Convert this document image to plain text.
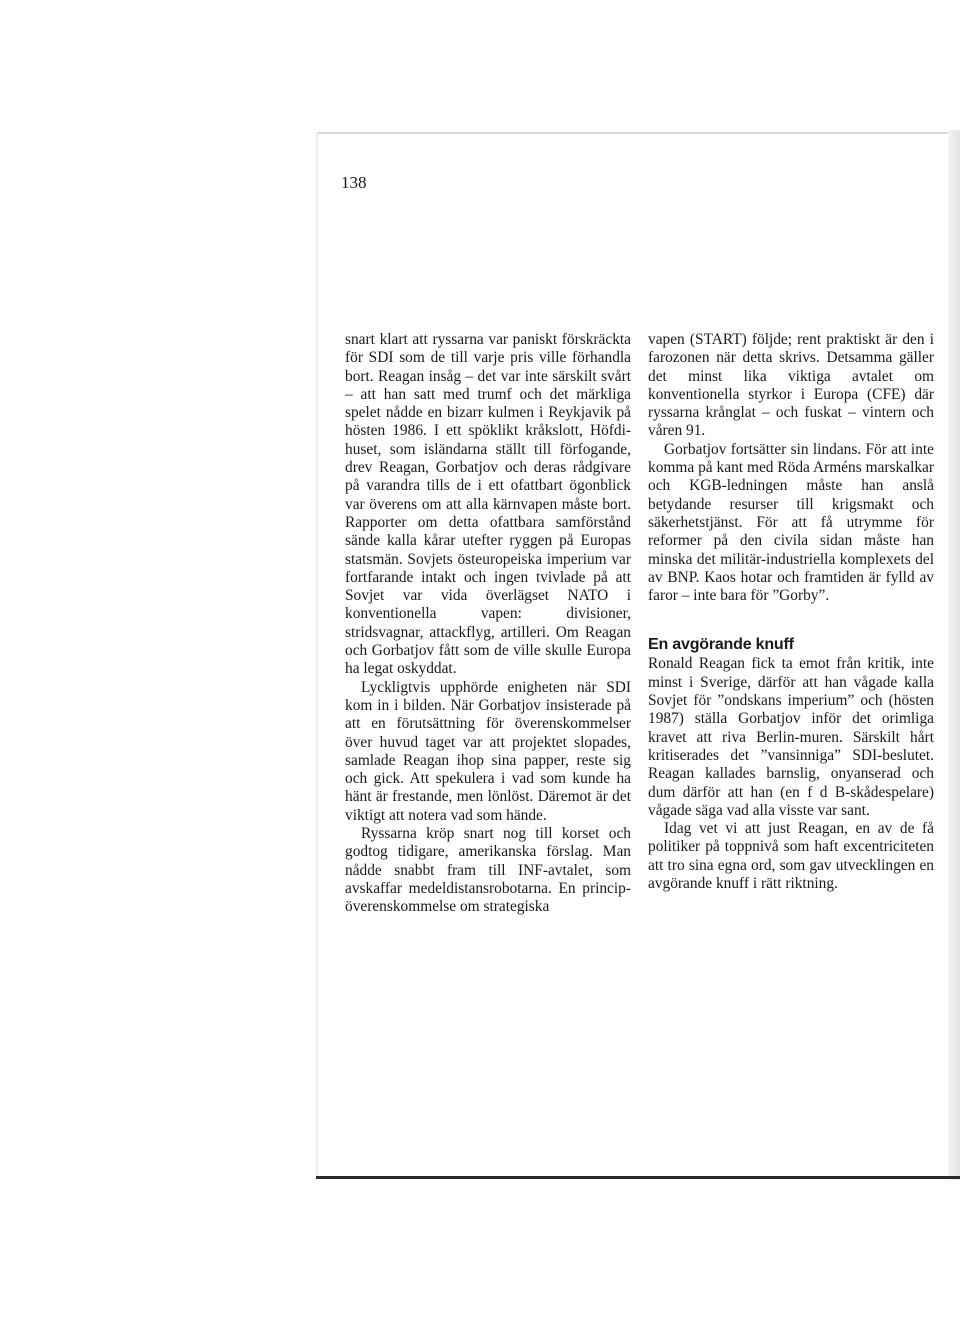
138

snart klart att ryssarna var paniskt förskräckta för SDI som de till varje pris ville förhandla bort. Reagan insåg – det var inte särskilt svårt – att han satt med trumf och det märkliga spelet nådde en bizarr kulmen i Reykjavik på hösten 1986. I ett spöklikt kråkslott, Höfdi-huset, som isländarna ställt till förfogande, drev Reagan, Gorbatjov och deras rådgivare på varandra tills de i ett ofattbart ögonblick var överens om att alla kärnvapen måste bort. Rapporter om detta ofattbara samförstånd sände kalla kårar utefter ryggen på Europas statsmän. Sovjets östeuropeiska imperium var fortfarande intakt och ingen tvivlade på att Sovjet var vida överlägset NATO i konventionella vapen: divisioner, stridsvagnar, attackflyg, artilleri. Om Reagan och Gorbatjov fått som de ville skulle Europa ha legat oskyddat.

Lyckligtvis upphörde enigheten när SDI kom in i bilden. När Gorbatjov insisterade på att en förutsättning för överenskommelser över huvud taget var att projektet slopades, samlade Reagan ihop sina papper, reste sig och gick. Att spekulera i vad som kunde ha hänt är frestande, men lönlöst. Däremot är det viktigt att notera vad som hände.

Ryssarna kröp snart nog till korset och godtog tidigare, amerikanska förslag. Man nådde snabbt fram till INF-avtalet, som avskaffar medeldistansrobotarna. En princip-överenskommelse om strategiska

vapen (START) följde; rent praktiskt är den i farozonen när detta skrivs. Detsamma gäller det minst lika viktiga avtalet om konventionella styrkor i Europa (CFE) där ryssarna krånglat – och fuskat – vintern och våren 91.

Gorbatjov fortsätter sin lindans. För att inte komma på kant med Röda Arméns marskalkar och KGB-ledningen måste han anslå betydande resurser till krigsmakt och säkerhetstjänst. För att få utrymme för reformer på den civila sidan måste han minska det militär-industriella komplexets del av BNP. Kaos hotar och framtiden är fylld av faror – inte bara för ”Gorby”.

En avgörande knuff

Ronald Reagan fick ta emot från kritik, inte minst i Sverige, därför att han vågade kalla Sovjet för ”ondskans imperium” och (hösten 1987) ställa Gorbatjov inför det orimliga kravet att riva Berlin-muren. Särskilt hårt kritiserades det ”vansinniga” SDI-beslutet. Reagan kallades barnslig, onyanserad och dum därför att han (en f d B-skådespelare) vågade säga vad alla visste var sant.

Idag vet vi att just Reagan, en av de få politiker på toppnivå som haft excentriciteten att tro sina egna ord, som gav utvecklingen en avgörande knuff i rätt riktning.
